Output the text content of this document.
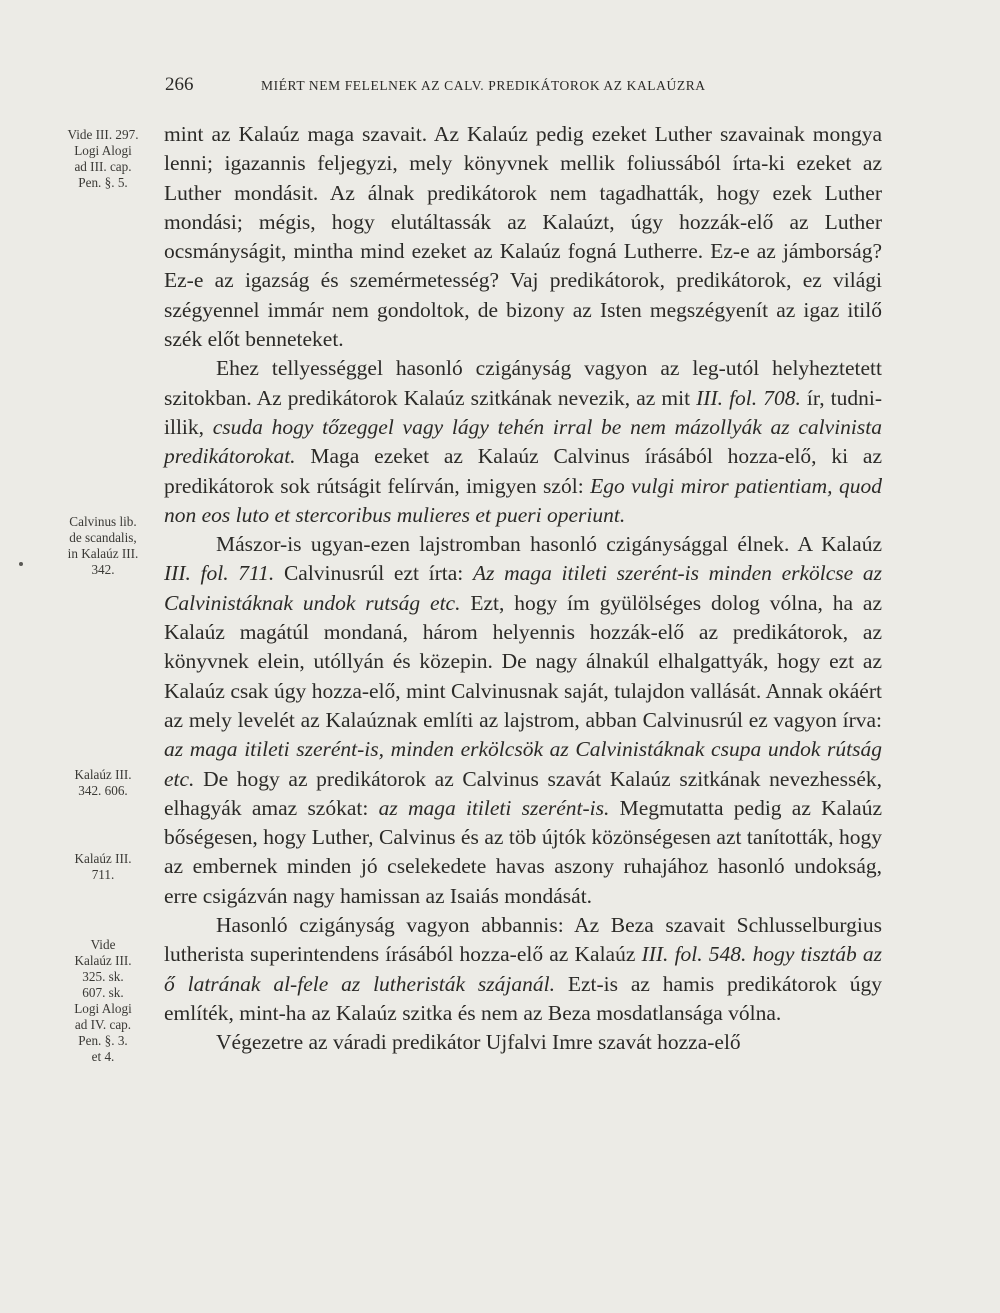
266	MIÉRT NEM FELELNEK AZ CALV. PREDIKÁTOROK AZ KALAÚZRA
Vide III. 297.
Logi Alogi
ad III. cap.
Pen. §. 5.
Calvinus lib.
de scandalis,
in Kalaúz III.
342.
Kalaúz III.
342. 606.
Kalaúz III.
711.
Vide
Kalaúz III.
325. sk.
607. sk.
Logi Alogi
ad IV. cap.
Pen. §. 3.
et 4.

mint az Kalaúz maga szavait. Az Kalaúz pedig ezeket Luther szavainak mongya lenni; igazannis feljegyzi, mely könyvnek mellik foliussából írta-ki ezeket az Luther mondásit. Az álnak predikátorok nem tagadhatták, hogy ezek Luther mondási; mégis, hogy elutáltassák az Kalaúzt, úgy hozzák-elő az Luther ocsmányságit, mintha mind ezeket az Kalaúz fogná Lutherre. Ez-e az jámborság? Ez-e az igazság és szemérmetesség? Vaj predikátorok, predikátorok, ez világi szégyennel immár nem gondoltok, de bizony az Isten megszégyenít az igaz itilő szék előt benneteket.

Ehez tellyességgel hasonló czigányság vagyon az leg-utól helyheztetett szitokban. Az predikátorok Kalaúz szitkának nevezik, az mit III. fol. 708. ír, tudni-illik, csuda hogy tőzeggel vagy lágy tehén irral be nem mázollyák az calvinista predikátorokat. Maga ezeket az Kalaúz Calvinus írásából hozza-elő, ki az predikátorok sok rútságit felírván, imigyen szól: Ego vulgi miror patientiam, quod non eos luto et stercoribus mulieres et pueri operiunt.

Mászor-is ugyan-ezen lajstromban hasonló czigánysággal élnek. A Kalaúz III. fol. 711. Calvinusrúl ezt írta: Az maga itileti szerént-is minden erkölcse az Calvinistáknak undok rutság etc. Ezt, hogy ím gyülölséges dolog vólna, ha az Kalaúz magátúl mondaná, három helyennis hozzák-elő az predikátorok, az könyvnek elein, utóllyán és közepin. De nagy álnakúl elhalgattyák, hogy ezt az Kalaúz csak úgy hozza-elő, mint Calvinusnak saját, tulajdon vallását. Annak okáért az mely levelét az Kalaúznak említi az lajstrom, abban Calvinusrúl ez vagyon írva: az maga itileti szerént-is, minden erkölcsök az Calvinistáknak csupa undok rútság etc. De hogy az predikátorok az Calvinus szavát Kalaúz szitkának nevezhessék, elhagyák amaz szókat: az maga itileti szerént-is. Megmutatta pedig az Kalaúz bőségesen, hogy Luther, Calvinus és az töb újtók közönségesen azt tanították, hogy az embernek minden jó cselekedete havas aszony ruhajához hasonló undokság, erre csigázván nagy hamissan az Isaiás mondását.

Hasonló czigányság vagyon abbannis: Az Beza szavait Schlusselburgius lutherista superintendens írásából hozza-elő az Kalaúz III. fol. 548. hogy tisztáb az ő latrának al-fele az lutheristák szájanál. Ezt-is az hamis predikátorok úgy említék, mint-ha az Kalaúz szitka és nem az Beza mosdatlansága vólna.

Végezetre az váradi predikátor Ujfalvi Imre szavát hozza-elő
